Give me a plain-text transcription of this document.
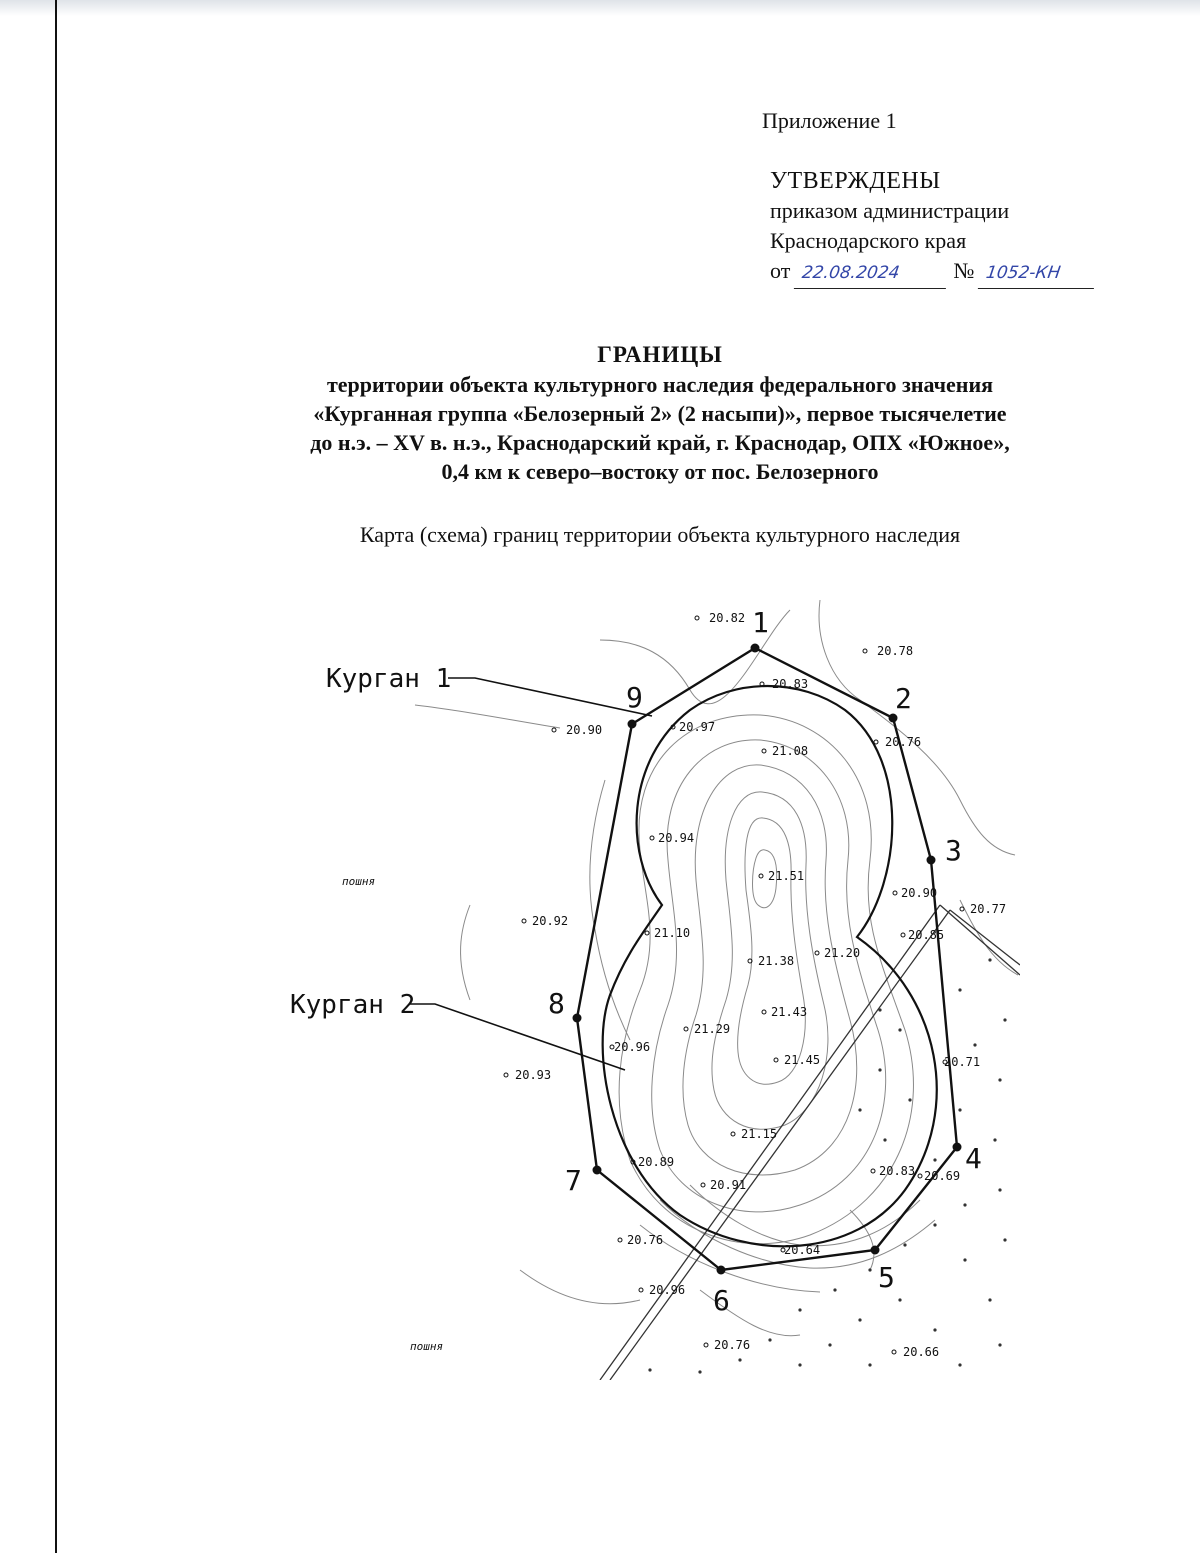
Приложение 1
УТВЕРЖДЕНЫ
приказом администрации
Краснодарского края
от 22.08.2024 № 1052-КН
ГРАНИЦЫ
территории объекта культурного наследия федерального значения
«Курганная группа «Белозерный 2» (2 насыпи)», первое тысячелетие
до н.э. – XV в. н.э., Краснодарский край, г. Краснодар, ОПХ «Южное»,
0,4 км к северо–востоку от пос. Белозерного
Карта (схема) границ территории объекта культурного наследия
1
2
3
4
5
6
7
8
9
Курган 1
Курган 2
пошня
пошня
20.82
20.78
20.83
20.76
20.90	20.97
21.08
20.94
21.51
20.90
20.77
20.92
21.10	20.85
21.38
21.20
21.43
21.29
20.96
21.45
20.93
20.71
21.15
20.89
20.91
20.83 20.69
20.76
20.64
20.96
20.76	20.66
